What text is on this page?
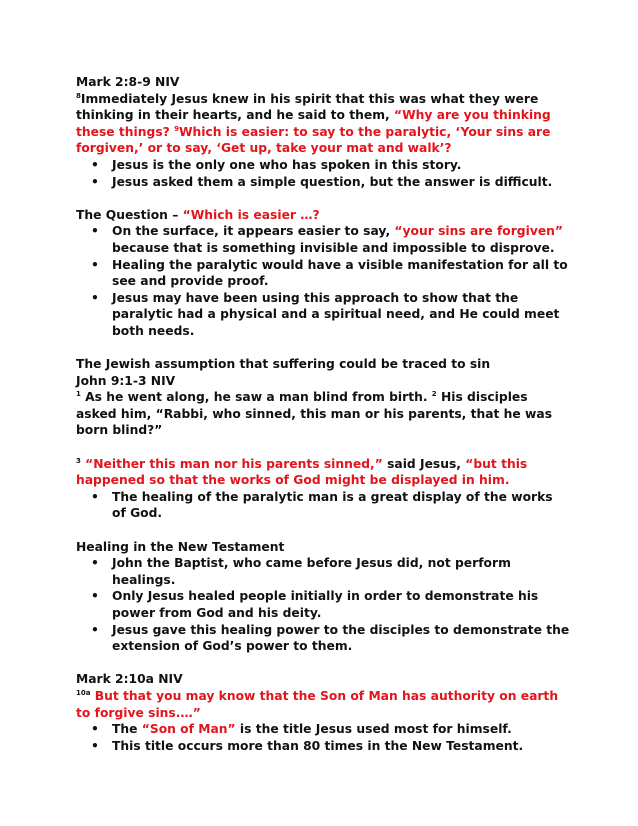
Mark 2:8-9 NIV
$^8$Immediately Jesus knew in his spirit that this was what they were thinking in their hearts, and he said to them, “Why are you thinking these things? $^9$Which is easier: to say to the paralytic, ‘Your sins are forgiven,’ or to say, ‘Get up, take your mat and walk’?
• Jesus is the only one who has spoken in this story.
• Jesus asked them a simple question, but the answer is difficult.
The Question – “Which is easier …?
• On the surface, it appears easier to say, “your sins are forgiven” because that is something invisible and impossible to disprove.
• Healing the paralytic would have a visible manifestation for all to see and provide proof.
• Jesus may have been using this approach to show that the paralytic had a physical and a spiritual need, and He could meet both needs.
The Jewish assumption that suffering could be traced to sin
John 9:1-3 NIV
$^1$ As he went along, he saw a man blind from birth. $^2$ His disciples asked him, “Rabbi, who sinned, this man or his parents, that he was born blind?”
$^3$ “Neither this man nor his parents sinned,” said Jesus, “but this happened so that the works of God might be displayed in him.
• The healing of the paralytic man is a great display of the works of God.
Healing in the New Testament
• John the Baptist, who came before Jesus did, not perform healings.
• Only Jesus healed people initially in order to demonstrate his power from God and his deity.
• Jesus gave this healing power to the disciples to demonstrate the extension of God’s power to them.
Mark 2:10a NIV
$^{10a}$ But that you may know that the Son of Man has authority on earth to forgive sins.…”
• The “Son of Man” is the title Jesus used most for himself.
• This title occurs more than 80 times in the New Testament.
